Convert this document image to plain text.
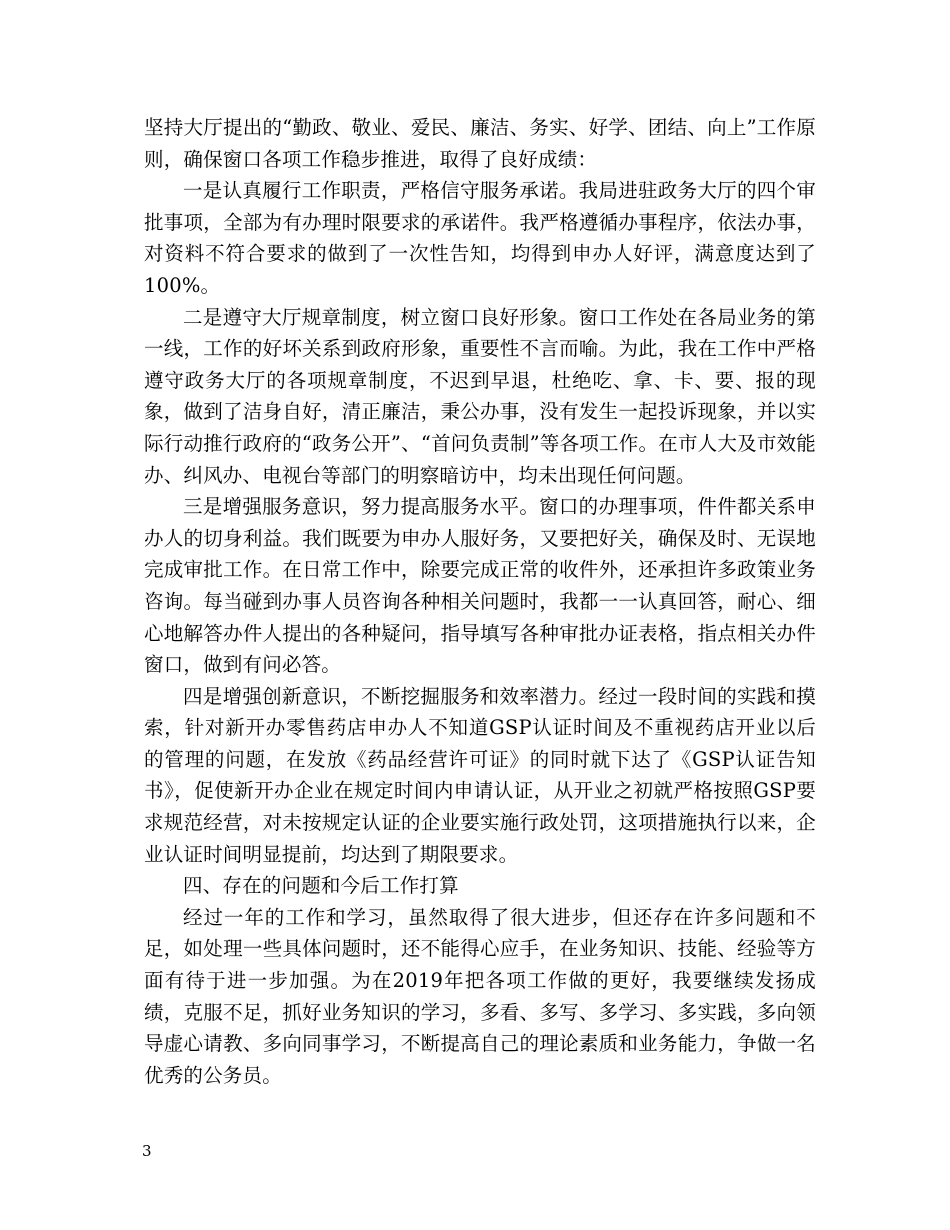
坚持大厅提出的“勤政、敬业、爱民、廉洁、务实、好学、团结、向上”工作原则，确保窗口各项工作稳步推进，取得了良好成绩：

一是认真履行工作职责，严格信守服务承诺。我局进驻政务大厅的四个审批事项，全部为有办理时限要求的承诺件。我严格遵循办事程序，依法办事，对资料不符合要求的做到了一次性告知，均得到申办人好评，满意度达到了100%。

二是遵守大厅规章制度，树立窗口良好形象。窗口工作处在各局业务的第一线，工作的好坏关系到政府形象，重要性不言而喻。为此，我在工作中严格遵守政务大厅的各项规章制度，不迟到早退，杜绝吃、拿、卡、要、报的现象，做到了洁身自好，清正廉洁，秉公办事，没有发生一起投诉现象，并以实际行动推行政府的“政务公开”、“首问负责制”等各项工作。在市人大及市效能办、纠风办、电视台等部门的明察暗访中，均未出现任何问题。

三是增强服务意识，努力提高服务水平。窗口的办理事项，件件都关系申办人的切身利益。我们既要为申办人服好务，又要把好关，确保及时、无误地完成审批工作。在日常工作中，除要完成正常的收件外，还承担许多政策业务咨询。每当碰到办事人员咨询各种相关问题时，我都一一认真回答，耐心、细心地解答办件人提出的各种疑问，指导填写各种审批办证表格，指点相关办件窗口，做到有问必答。

四是增强创新意识，不断挖掘服务和效率潜力。经过一段时间的实践和摸索，针对新开办零售药店申办人不知道GSP认证时间及不重视药店开业以后的管理的问题，在发放《药品经营许可证》的同时就下达了《GSP认证告知书》，促使新开办企业在规定时间内申请认证，从开业之初就严格按照GSP要求规范经营，对未按规定认证的企业要实施行政处罚，这项措施执行以来，企业认证时间明显提前，均达到了期限要求。

四、存在的问题和今后工作打算

经过一年的工作和学习，虽然取得了很大进步，但还存在许多问题和不足，如处理一些具体问题时，还不能得心应手，在业务知识、技能、经验等方面有待于进一步加强。为在2019年把各项工作做的更好，我要继续发扬成绩，克服不足，抓好业务知识的学习，多看、多写、多学习、多实践，多向领导虚心请教、多向同事学习，不断提高自己的理论素质和业务能力，争做一名优秀的公务员。

3
